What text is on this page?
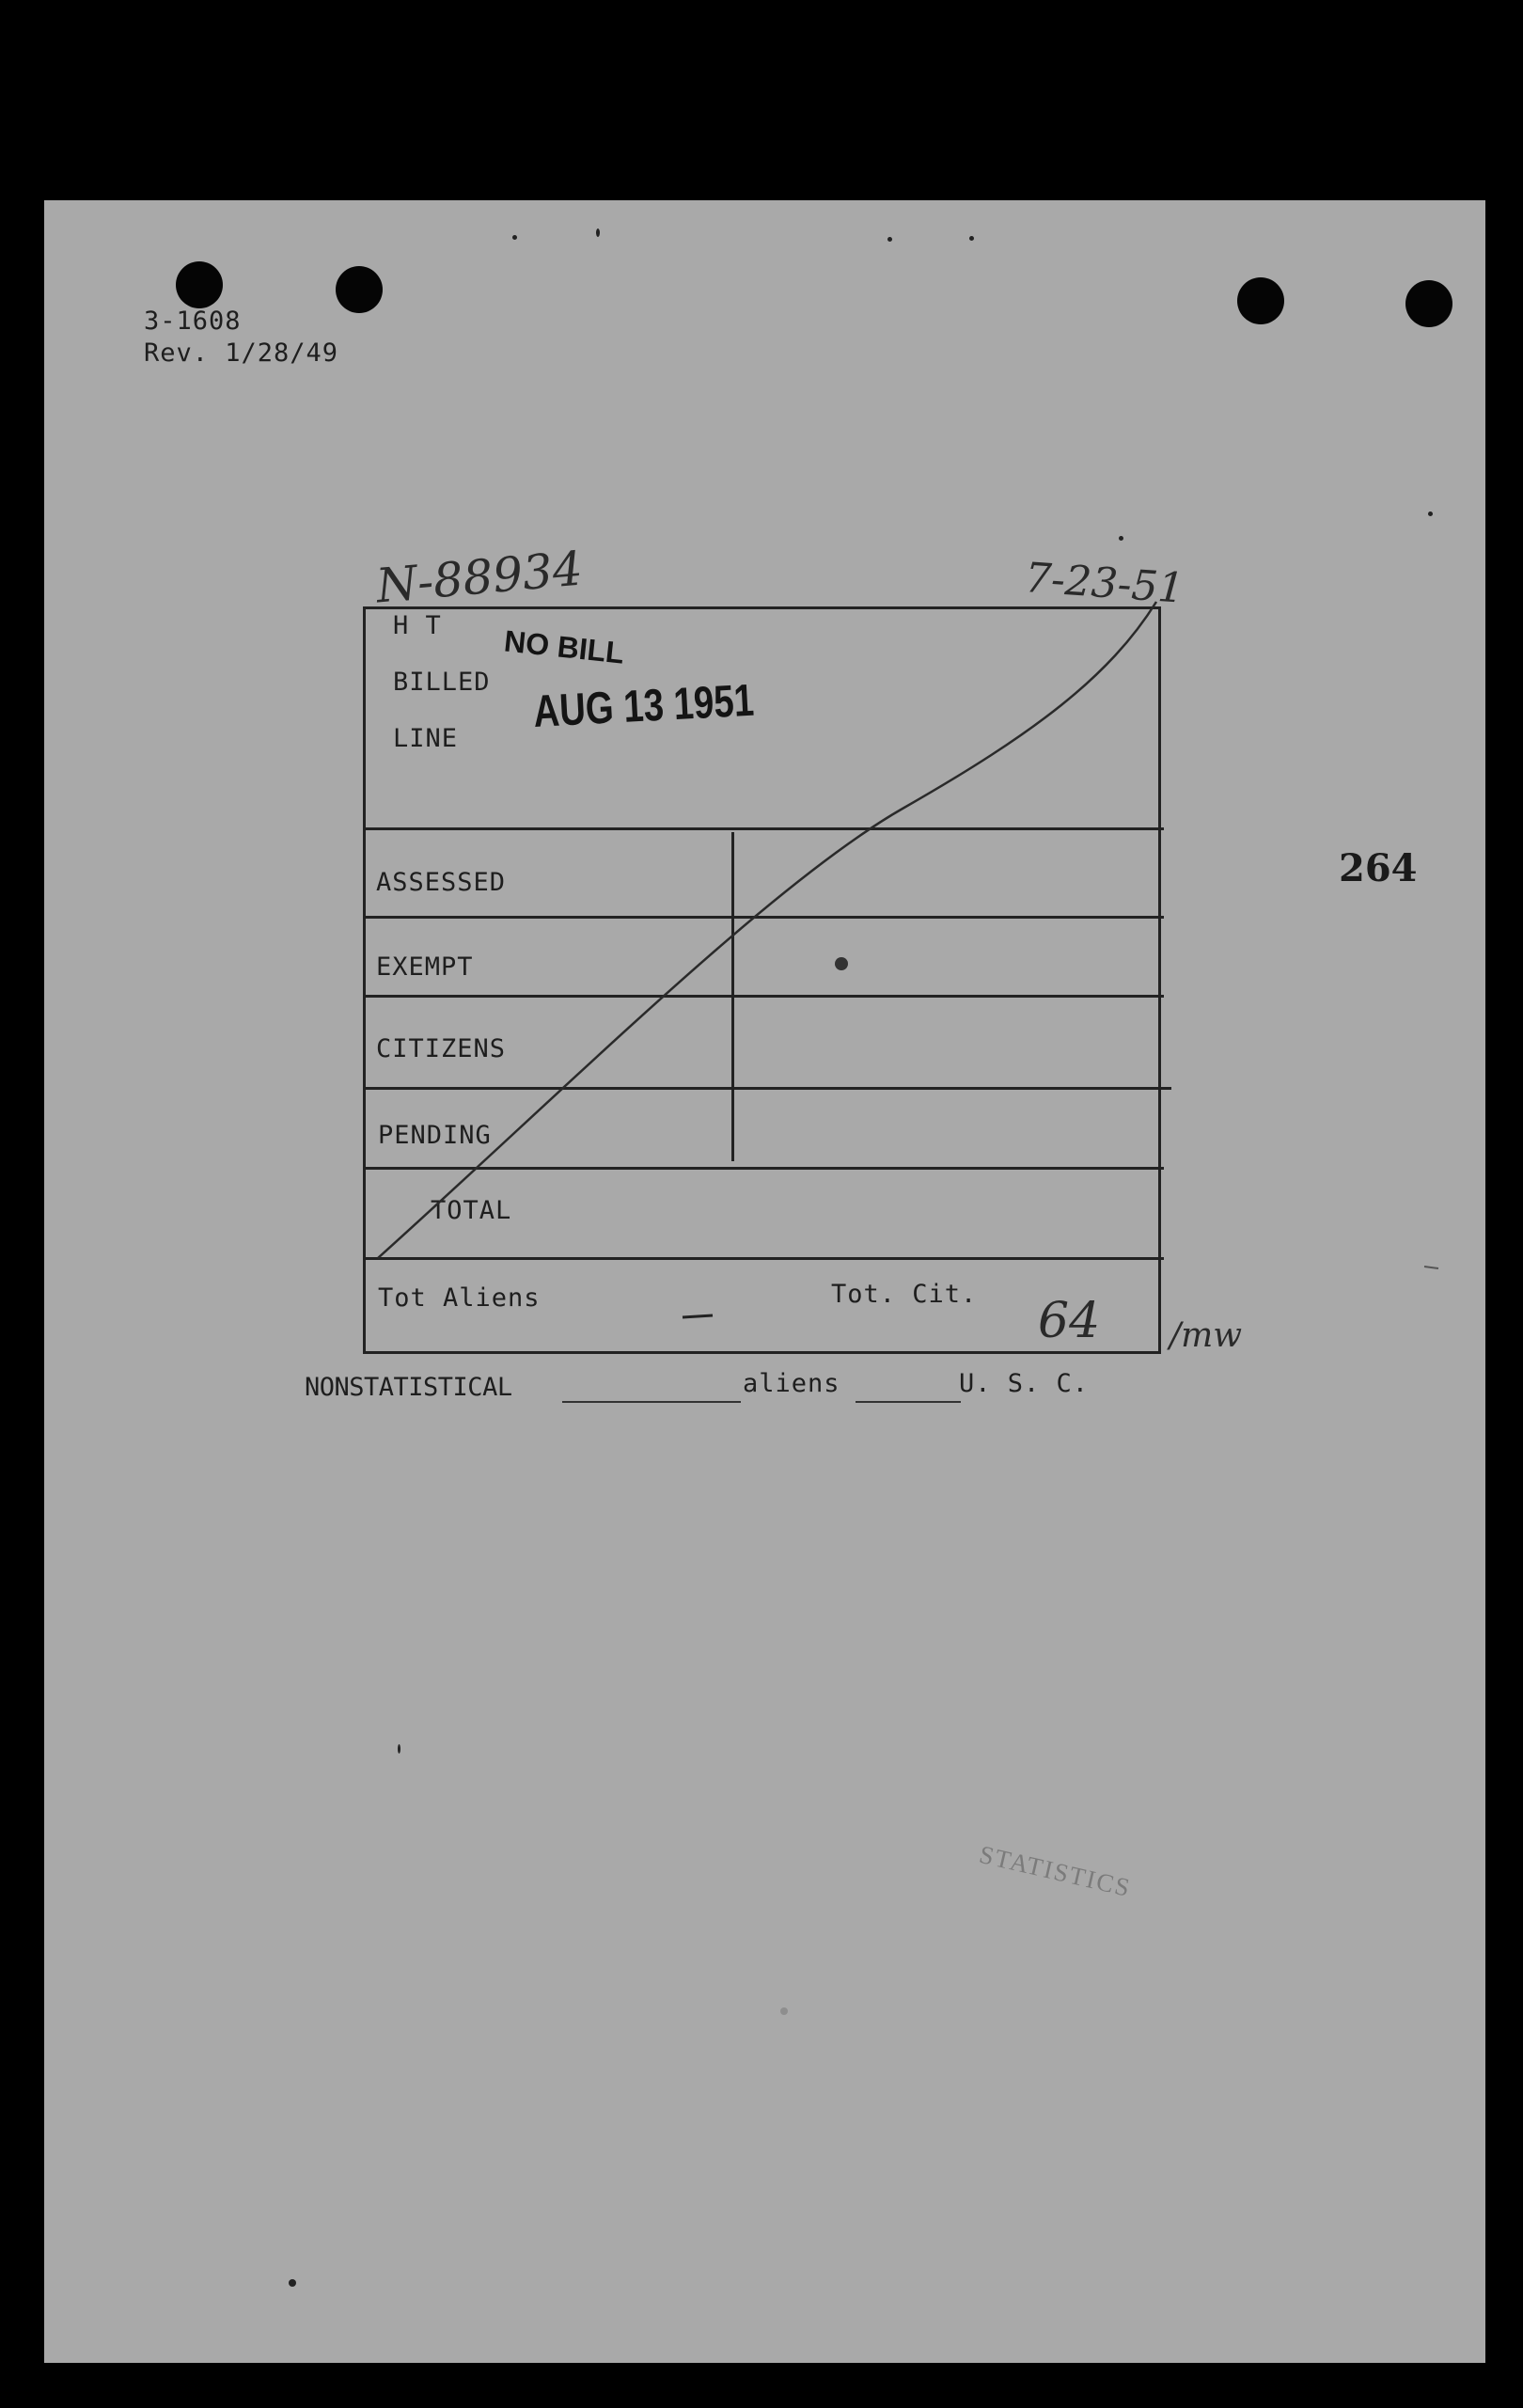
3-1608
Rev. 1/28/49
N-88934	7-23-51
264
NO BILL
AUG 13 1951
H T
BILLED
LINE
ASSESSED
EXEMPT
CITIZENS
PENDING
TOTAL
Tot Aliens	Tot. Cit. 64 /mw
NONSTATISTICAL	aliens	U. S. C.
STATISTICS
